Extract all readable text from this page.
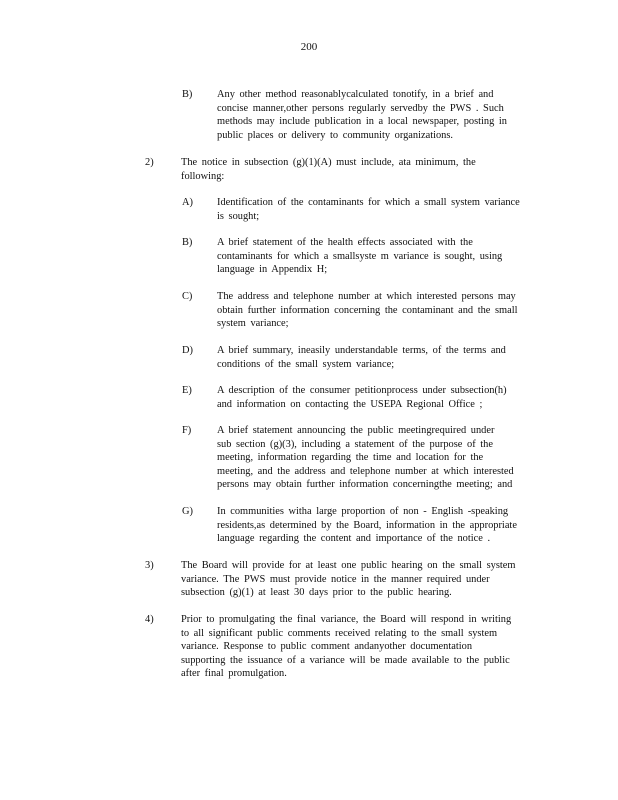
200
B) Any other method reasonablycalculated tonotify, in a brief and
concise manner,other persons regularly servedby the PWS . Such
methods may include publication in a local newspaper, posting in
public places or delivery to community organizations.
2)	The notice in subsection (g)(1)(A) must include, ata minimum, the
following:
A) Identification of the contaminants for which a small system variance
is sought;
B) A brief statement of the health effects associated with the
contaminants for which a smallsyste m variance is sought, using
language in Appendix H;
C) The address and telephone number at which interested persons may
obtain further information concerning the contaminant and the small
system variance;
D) A brief summary, ineasily understandable terms, of the terms and
conditions of the small system variance;
E) A description of the consumer petitionprocess under subsection(h)
and information on contacting the USEPA Regional Office ;
F) A brief statement announcing the public meetingrequired under
sub section (g)(3), including a statement of the purpose of the
meeting, information regarding the time and location for the
meeting, and the address and telephone number at which interested
persons may obtain further information concerningthe meeting; and
G) In communities witha large proportion of non - English -speaking
residents,as determined by the Board, information in the appropriate
language regarding the content and importance of the notice .
3)	The Board will provide for at least one public hearing on the small system
variance. The PWS must provide notice in the manner required under
subsection (g)(1) at least 30 days prior to the public hearing.
4)	Prior to promulgating the final variance, the Board will respond in writing
to all significant public comments received relating to the small system
variance. Response to public comment andanyother documentation
supporting the issuance of a variance will be made available to the public
after final promulgation.
